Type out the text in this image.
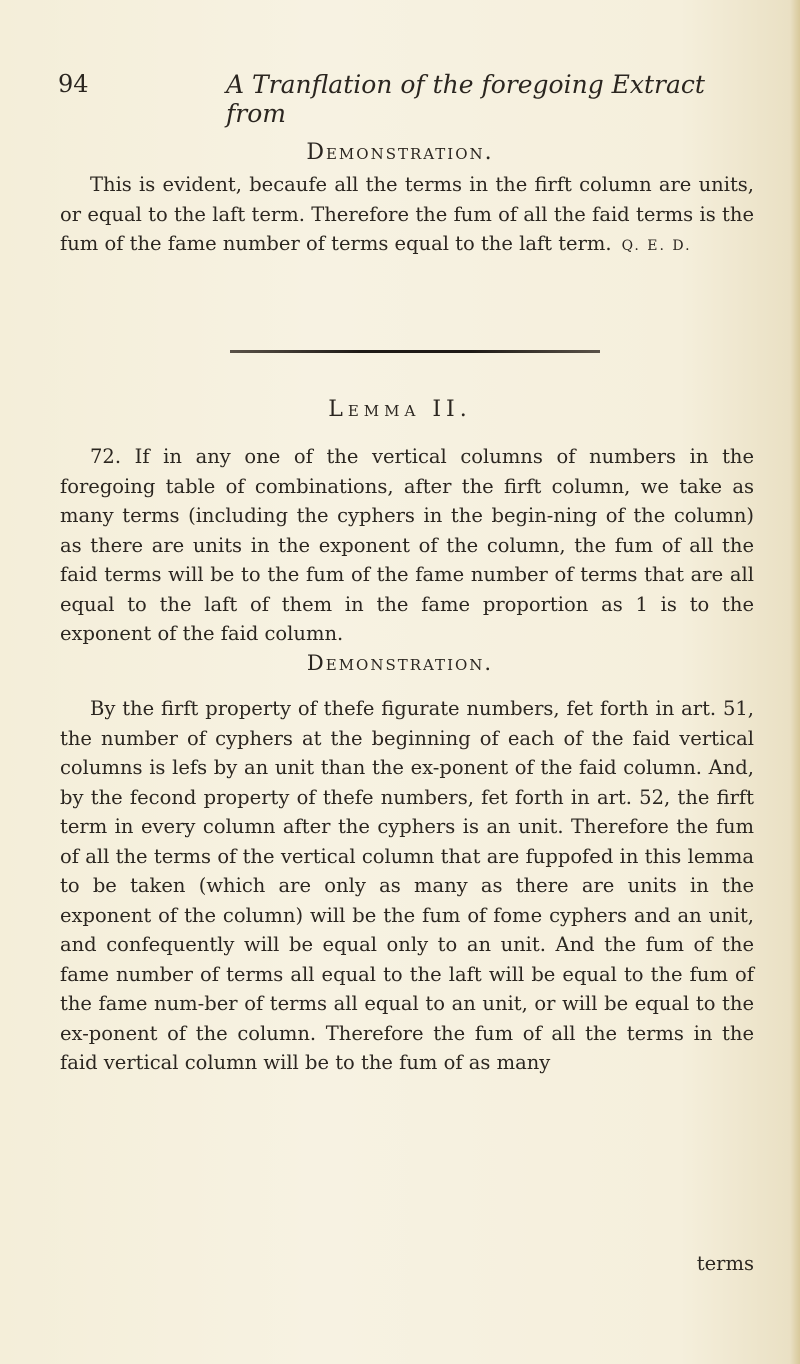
94	A Tranflation of the foregoing Extract from
Demonstration.

This is evident, becaufe all the terms in the firft column are units, or equal to the laft term. Therefore the fum of all the faid terms is the fum of the fame number of terms equal to the laft term. Q. E. D.

Lemma II.

72. If in any one of the vertical columns of numbers in the foregoing table of combinations, after the firft column, we take as many terms (including the cyphers in the begin-ning of the column) as there are units in the exponent of the column, the fum of all the faid terms will be to the fum of the fame number of terms that are all equal to the laft of them in the fame proportion as 1 is to the exponent of the faid column.

Demonstration.

By the firft property of thefe figurate numbers, fet forth in art. 51, the number of cyphers at the beginning of each of the faid vertical columns is lefs by an unit than the ex-ponent of the faid column. And, by the fecond property of thefe numbers, fet forth in art. 52, the firft term in every column after the cyphers is an unit. Therefore the fum of all the terms of the vertical column that are fuppofed in this lemma to be taken (which are only as many as there are units in the exponent of the column) will be the fum of fome cyphers and an unit, and confequently will be equal only to an unit. And the fum of the fame number of terms all equal to the laft will be equal to the fum of the fame num-ber of terms all equal to an unit, or will be equal to the ex-ponent of the column. Therefore the fum of all the terms in the faid vertical column will be to the fum of as many

terms
